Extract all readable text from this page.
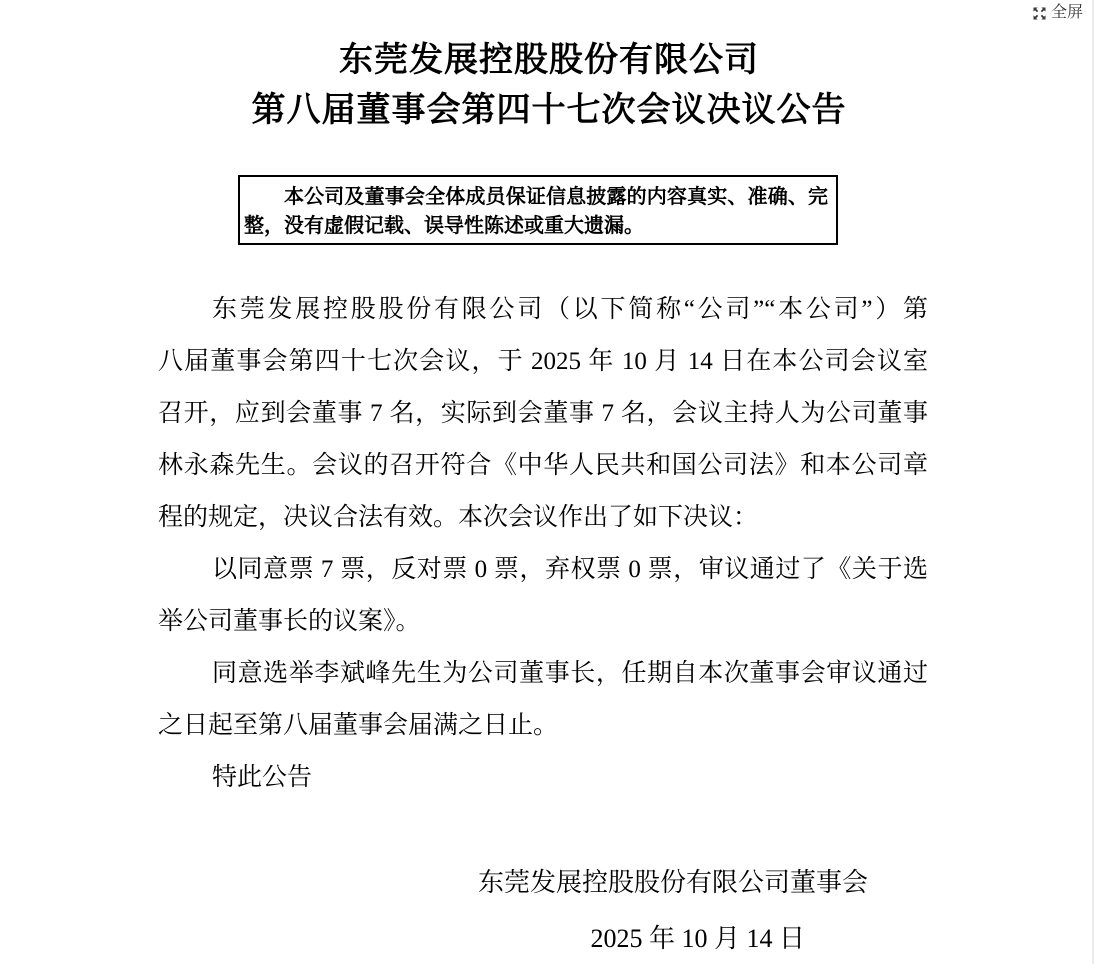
全屏
东莞发展控股股份有限公司
第八届董事会第四十七次会议决议公告
本公司及董事会全体成员保证信息披露的内容真实、准确、完
整，没有虚假记载、误导性陈述或重大遗漏。
东莞发展控股股份有限公司（以下简称“公司”“本公司”）第
八届董事会第四十七次会议，于 2025 年 10 月 14 日在本公司会议室
召开，应到会董事 7 名，实际到会董事 7 名，会议主持人为公司董事
林永森先生。会议的召开符合《中华人民共和国公司法》和本公司章
程的规定，决议合法有效。本次会议作出了如下决议：
以同意票 7 票，反对票 0 票，弃权票 0 票，审议通过了《关于选
举公司董事长的议案》。
同意选举李斌峰先生为公司董事长，任期自本次董事会审议通过
之日起至第八届董事会届满之日止。
特此公告
东莞发展控股股份有限公司董事会
2025 年 10 月 14 日
